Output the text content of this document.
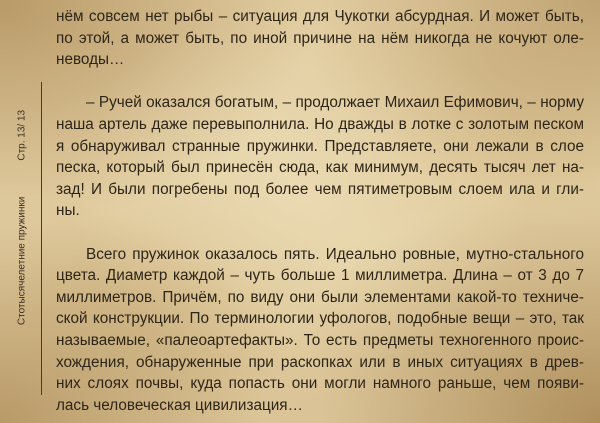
Стотысячелетние пружинкиСтр. 13/ 13
нём совсем нет рыбы – ситуация для Чукотки абсурдная. И может быть,
по этой, а может быть, по иной причине на нём никогда не кочуют оле-
неводы…
– Ручей оказался богатым, – продолжает Михаил Ефимович, – норму
наша артель даже перевыполнила. Но дважды в лотке с золотым песком
я обнаруживал странные пружинки. Представляете, они лежали в слое
песка, который был принесён сюда, как минимум, десять тысяч лет на-
зад! И были погребены под более чем пятиметровым слоем ила и гли-
ны.
Всего пружинок оказалось пять. Идеально ровные, мутно-стального
цвета. Диаметр каждой – чуть больше 1 миллиметра. Длина – от 3 до 7
миллиметров. Причём, по виду они были элементами какой-то техниче-
ской конструкции. По терминологии уфологов, подобные вещи – это, так
называемые, «палеоартефакты». То есть предметы техногенного проис-
хождения, обнаруженные при раскопках или в иных ситуациях в древ-
них слоях почвы, куда попасть они могли намного раньше, чем появи-
лась человеческая цивилизация…
